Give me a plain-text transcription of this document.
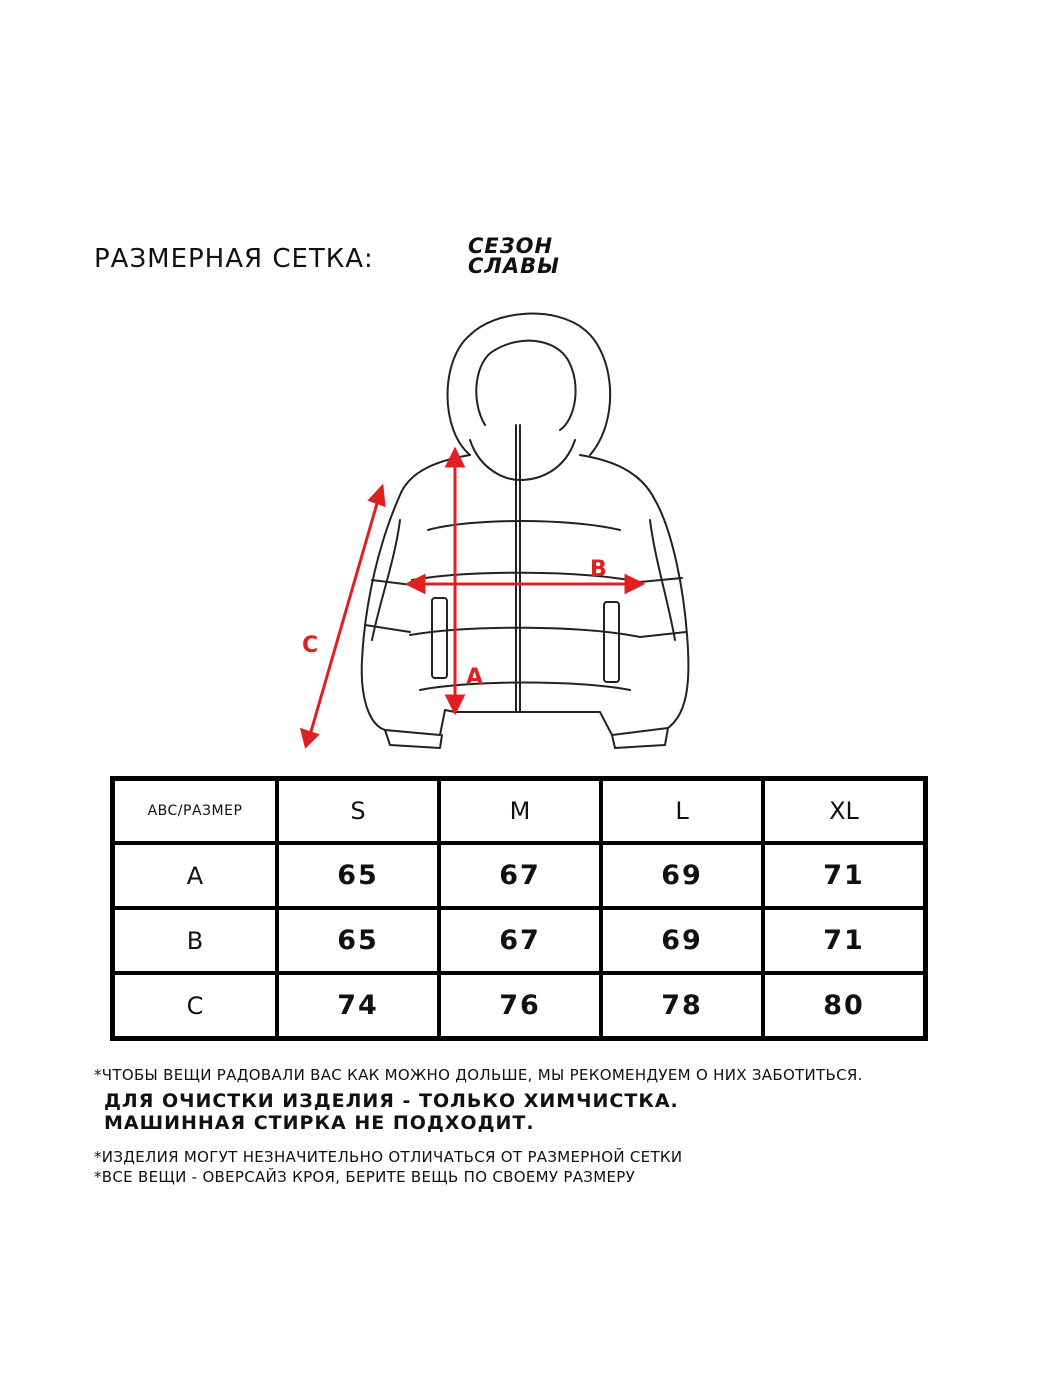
РАЗМЕРНАЯ СЕТКА:	СЕЗОН
СЛАВЫ
A
B
C
ABC/РАЗМЕР	S	M	L	XL
A	65	67	69	71
B	65	67	69	71
C	74	76	78	80
*ЧТОБЫ ВЕЩИ РАДОВАЛИ ВАС КАК МОЖНО ДОЛЬШЕ, МЫ РЕКОМЕНДУЕМ О НИХ ЗАБОТИТЬСЯ.
ДЛЯ ОЧИСТКИ ИЗДЕЛИЯ - ТОЛЬКО ХИМЧИСТКА.
МАШИННАЯ СТИРКА НЕ ПОДХОДИТ.
*ИЗДЕЛИЯ МОГУТ НЕЗНАЧИТЕЛЬНО ОТЛИЧАТЬСЯ ОТ РАЗМЕРНОЙ СЕТКИ
*ВСЕ ВЕЩИ - ОВЕРСАЙЗ КРОЯ, БЕРИТЕ ВЕЩЬ ПО СВОЕМУ РАЗМЕРУ
